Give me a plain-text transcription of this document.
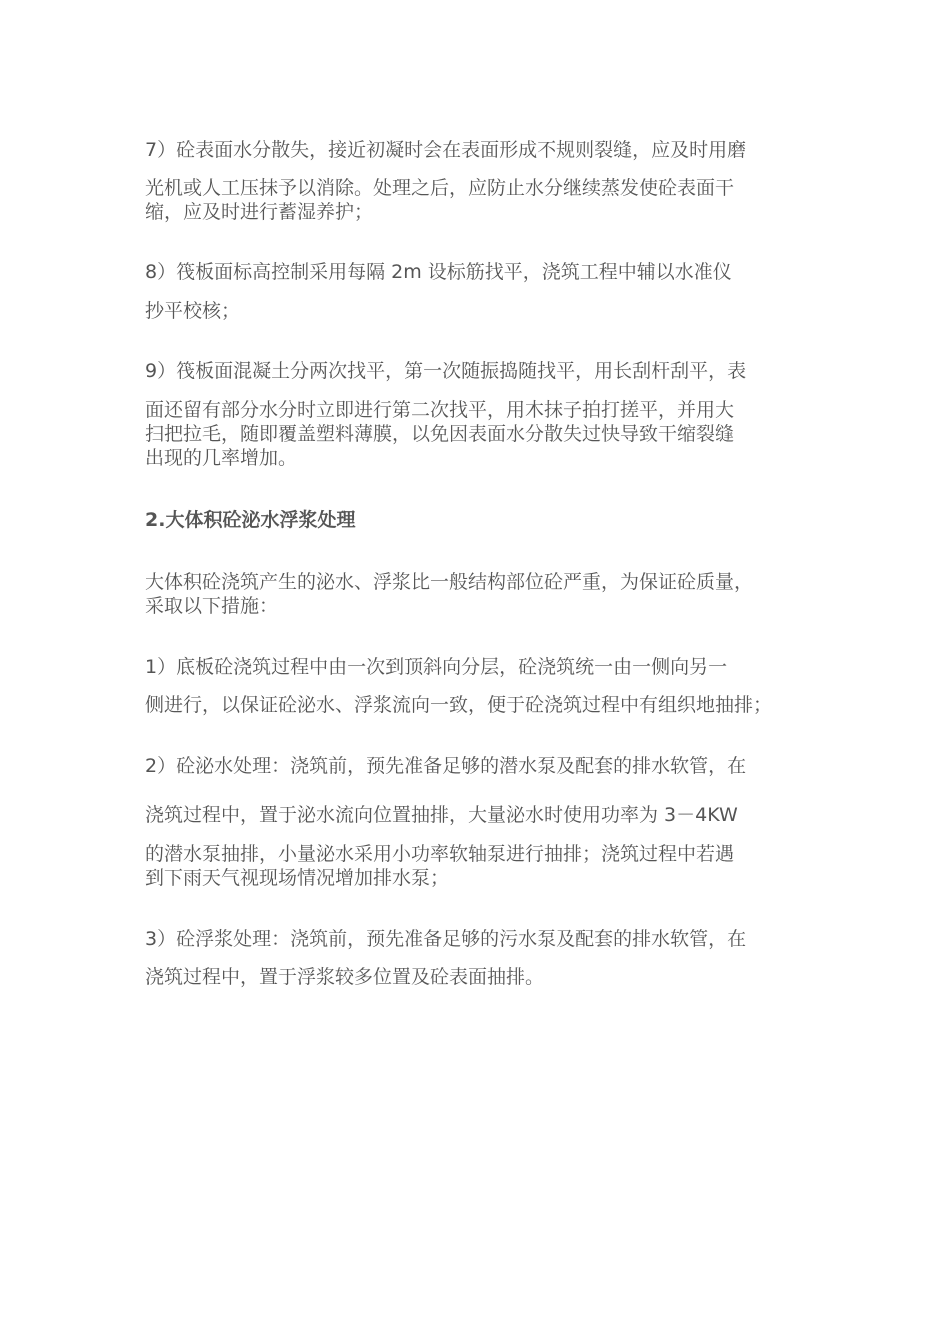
7）砼表面水分散失，接近初凝时会在表面形成不规则裂缝，应及时用磨
光机或人工压抹予以消除。处理之后，应防止水分继续蒸发使砼表面干
缩，应及时进行蓄湿养护；
8）筏板面标高控制采用每隔 2m 设标筋找平，浇筑工程中辅以水准仪
抄平校核；
9）筏板面混凝土分两次找平，第一次随振捣随找平，用长刮杆刮平，表
面还留有部分水分时立即进行第二次找平，用木抹子拍打搓平，并用大
扫把拉毛，随即覆盖塑料薄膜，以免因表面水分散失过快导致干缩裂缝
出现的几率增加。
2.大体积砼泌水浮浆处理
大体积砼浇筑产生的泌水、浮浆比一般结构部位砼严重，为保证砼质量，
采取以下措施：
1）底板砼浇筑过程中由一次到顶斜向分层，砼浇筑统一由一侧向另一
侧进行，以保证砼泌水、浮浆流向一致，便于砼浇筑过程中有组织地抽排；
2）砼泌水处理：浇筑前，预先准备足够的潜水泵及配套的排水软管，在
浇筑过程中，置于泌水流向位置抽排，大量泌水时使用功率为 3－4KW
的潜水泵抽排，小量泌水采用小功率软轴泵进行抽排；浇筑过程中若遇
到下雨天气视现场情况增加排水泵；
3）砼浮浆处理：浇筑前，预先准备足够的污水泵及配套的排水软管，在
浇筑过程中，置于浮浆较多位置及砼表面抽排。
